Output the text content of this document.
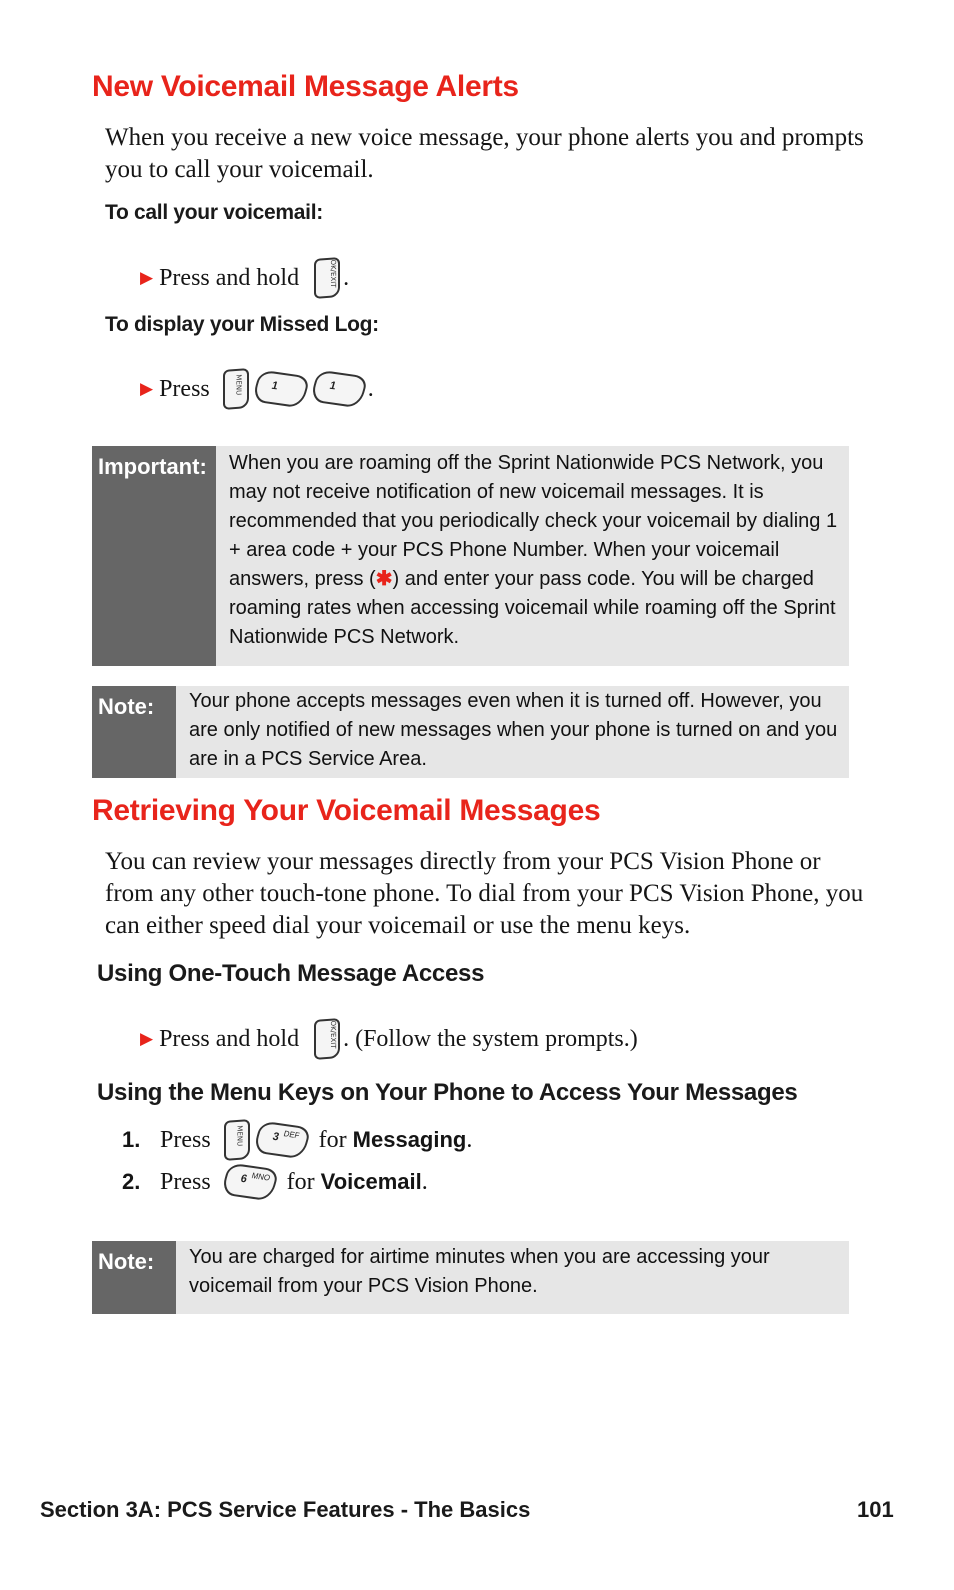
New Voicemail Message Alerts
When you receive a new voice message, your phone alerts you and prompts you to call your voicemail.
To call your voicemail:
▶ Press and hold	OK/EXIT .
To display your Missed Log:
▶ Press	MENU	1	1 .
Important:	When you are roaming off the Sprint Nationwide PCS Network, you may not receive notification of new voicemail messages. It is recommended that you periodically check your voicemail by dialing 1 + area code + your PCS Phone Number. When your voicemail answers, press (✱) and enter your pass code. You will be charged roaming rates when accessing voicemail while roaming off the Sprint Nationwide PCS Network.
Note:	Your phone accepts messages even when it is turned off. However, you are only notified of new messages when your phone is turned on and you are in a PCS Service Area.
Retrieving Your Voicemail Messages
You can review your messages directly from your PCS Vision Phone or from any other touch-tone phone. To dial from your PCS Vision Phone, you can either speed dial your voicemail or use the menu keys.
Using One-Touch Message Access
▶ Press and hold	OK/EXIT . (Follow the system prompts.)
Using the Menu Keys on Your Phone to Access Your Messages
1. Press	MENU	3 DEF for Messaging .
2. Press	6 MNO for Voicemail .
Note:	You are charged for airtime minutes when you are accessing your voicemail from your PCS Vision Phone.
Section 3A: PCS Service Features - The Basics	101
